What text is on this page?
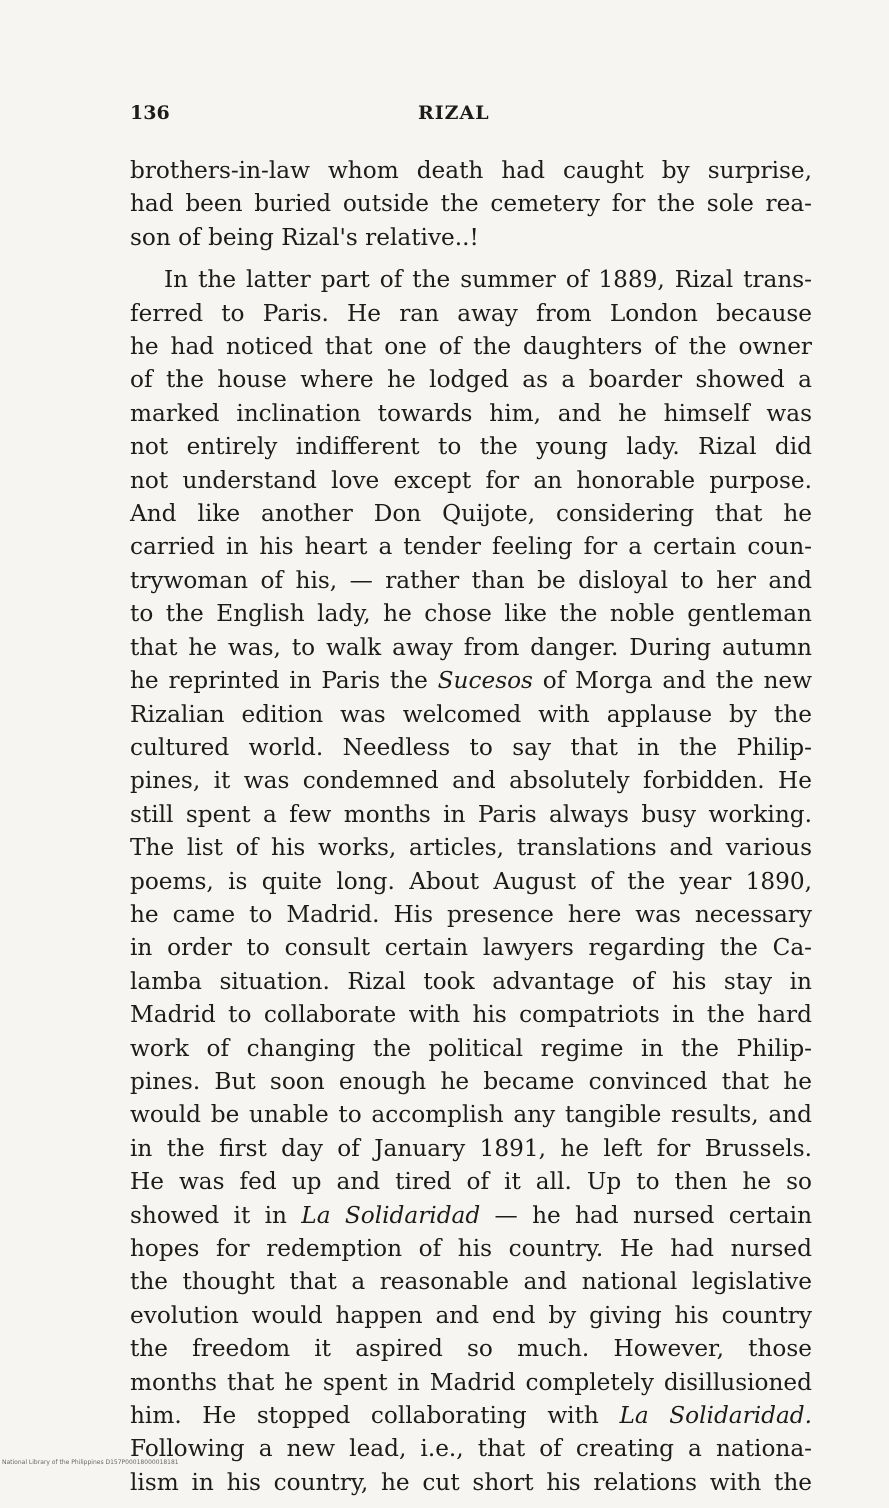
136	RIZAL
brothers-in-law whom death had caught by surprise,
had been buried outside the cemetery for the sole rea-
son of being Rizal's relative..!
In the latter part of the summer of 1889, Rizal trans-
ferred to Paris. He ran away from London because
he had noticed that one of the daughters of the owner
of the house where he lodged as a boarder showed a
marked inclination towards him, and he himself was
not entirely indifferent to the young lady. Rizal did
not understand love except for an honorable purpose.
And like another Don Quijote, considering that he
carried in his heart a tender feeling for a certain coun-
trywoman of his, — rather than be disloyal to her and
to the English lady, he chose like the noble gentleman
that he was, to walk away from danger. During autumn
he reprinted in Paris the Sucesos of Morga and the new
Rizalian edition was welcomed with applause by the
cultured world. Needless to say that in the Philip-
pines, it was condemned and absolutely forbidden. He
still spent a few months in Paris always busy working.
The list of his works, articles, translations and various
poems, is quite long. About August of the year 1890,
he came to Madrid. His presence here was necessary
in order to consult certain lawyers regarding the Ca-
lamba situation. Rizal took advantage of his stay in
Madrid to collaborate with his compatriots in the hard
work of changing the political regime in the Philip-
pines. But soon enough he became convinced that he
would be unable to accomplish any tangible results, and
in the first day of January 1891, he left for Brussels.
He was fed up and tired of it all. Up to then he so
showed it in La Solidaridad — he had nursed certain
hopes for redemption of his country. He had nursed
the thought that a reasonable and national legislative
evolution would happen and end by giving his country
the freedom it aspired so much. However, those
months that he spent in Madrid completely disillusioned
him. He stopped collaborating with La Solidaridad.
Following a new lead, i.e., that of creating a nationa-
lism in his country, he cut short his relations with the
National Library of the Philippines D157P00018000018181
